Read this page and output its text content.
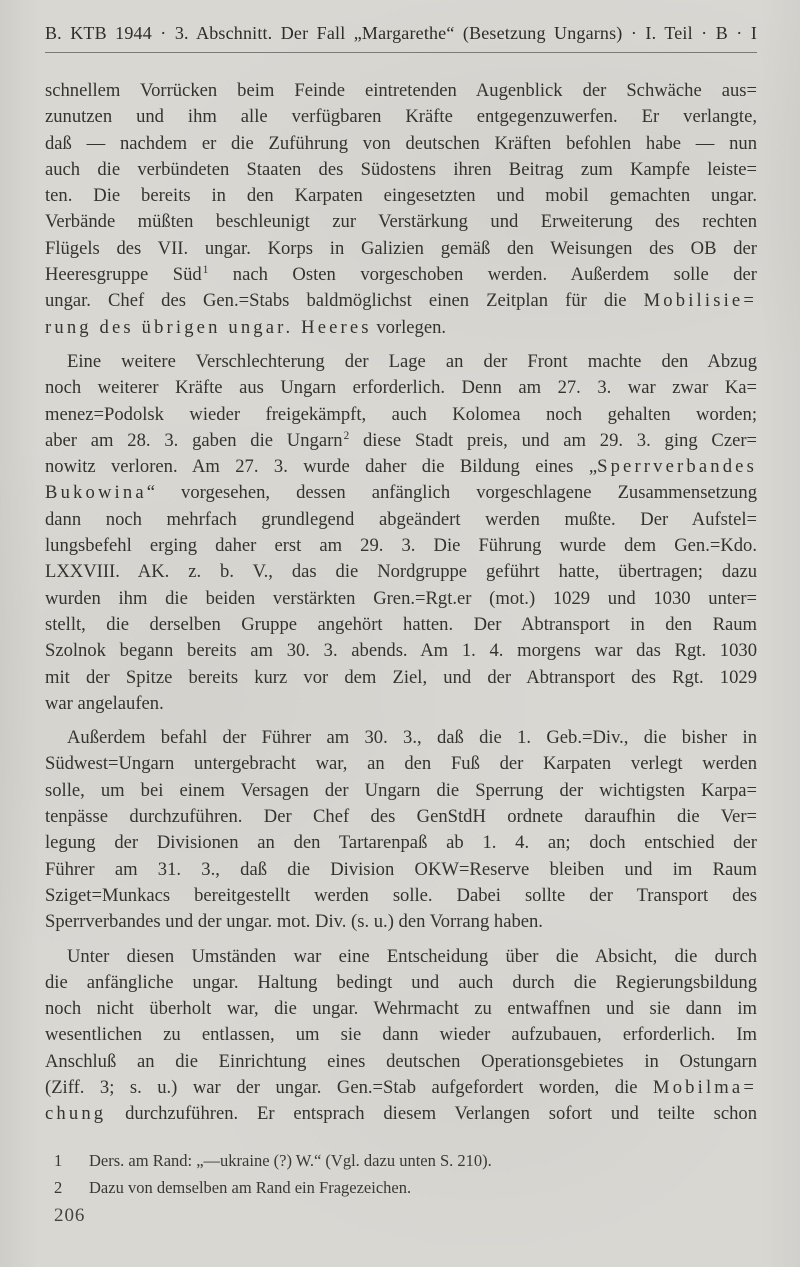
B. KTB 1944 · 3. Abschnitt. Der Fall „Margarethe“ (Besetzung Ungarns) · I. Teil · B · I
schnellem Vorrücken beim Feinde eintretenden Augenblick der Schwäche aus=
zunutzen und ihm alle verfügbaren Kräfte entgegenzuwerfen. Er verlangte,
daß — nachdem er die Zuführung von deutschen Kräften befohlen habe — nun
auch die verbündeten Staaten des Südostens ihren Beitrag zum Kampfe leiste=
ten. Die bereits in den Karpaten eingesetzten und mobil gemachten ungar.
Verbände müßten beschleunigt zur Verstärkung und Erweiterung des rechten
Flügels des VII. ungar. Korps in Galizien gemäß den Weisungen des OB der
Heeresgruppe Süd$^1$ nach Osten vorgeschoben werden. Außerdem solle der
ungar. Chef des Gen.=Stabs baldmöglichst einen Zeitplan für die Mobilisie=
rung des übrigen ungar. Heeres vorlegen.
Eine weitere Verschlechterung der Lage an der Front machte den Abzug
noch weiterer Kräfte aus Ungarn erforderlich. Denn am 27. 3. war zwar Ka=
menez=Podolsk wieder freigekämpft, auch Kolomea noch gehalten worden;
aber am 28. 3. gaben die Ungarn$^2$ diese Stadt preis, und am 29. 3. ging Czer=
nowitz verloren. Am 27. 3. wurde daher die Bildung eines „Sperrverbandes
Bukowina“ vorgesehen, dessen anfänglich vorgeschlagene Zusammensetzung
dann noch mehrfach grundlegend abgeändert werden mußte. Der Aufstel=
lungsbefehl erging daher erst am 29. 3. Die Führung wurde dem Gen.=Kdo.
LXXVIII. AK. z. b. V., das die Nordgruppe geführt hatte, übertragen; dazu
wurden ihm die beiden verstärkten Gren.=Rgt.er (mot.) 1029 und 1030 unter=
stellt, die derselben Gruppe angehört hatten. Der Abtransport in den Raum
Szolnok begann bereits am 30. 3. abends. Am 1. 4. morgens war das Rgt. 1030
mit der Spitze bereits kurz vor dem Ziel, und der Abtransport des Rgt. 1029
war angelaufen.
Außerdem befahl der Führer am 30. 3., daß die 1. Geb.=Div., die bisher in
Südwest=Ungarn untergebracht war, an den Fuß der Karpaten verlegt werden
solle, um bei einem Versagen der Ungarn die Sperrung der wichtigsten Karpa=
tenpässe durchzuführen. Der Chef des GenStdH ordnete daraufhin die Ver=
legung der Divisionen an den Tartarenpaß ab 1. 4. an; doch entschied der
Führer am 31. 3., daß die Division OKW=Reserve bleiben und im Raum
Sziget=Munkacs bereitgestellt werden solle. Dabei sollte der Transport des
Sperrverbandes und der ungar. mot. Div. (s. u.) den Vorrang haben.
Unter diesen Umständen war eine Entscheidung über die Absicht, die durch
die anfängliche ungar. Haltung bedingt und auch durch die Regierungsbildung
noch nicht überholt war, die ungar. Wehrmacht zu entwaffnen und sie dann im
wesentlichen zu entlassen, um sie dann wieder aufzubauen, erforderlich. Im
Anschluß an die Einrichtung eines deutschen Operationsgebietes in Ostungarn
(Ziff. 3; s. u.) war der ungar. Gen.=Stab aufgefordert worden, die Mobilma=
chung durchzuführen. Er entsprach diesem Verlangen sofort und teilte schon
1	Ders. am Rand: „—ukraine (?) W.“ (Vgl. dazu unten S. 210).
2	Dazu von demselben am Rand ein Fragezeichen.
206
